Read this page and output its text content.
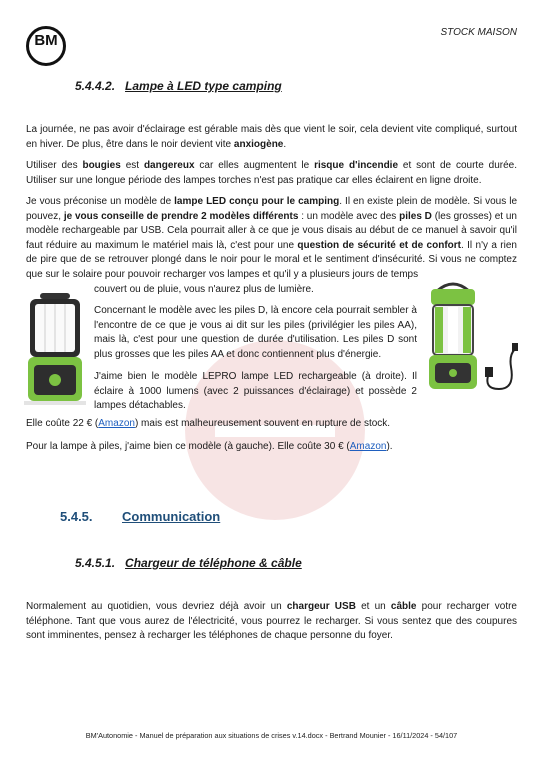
BM	STOCK MAISON
5.4.4.2. Lampe à LED type camping
La journée, ne pas avoir d'éclairage est gérable mais dès que vient le soir, cela devient vite compliqué, surtout en hiver. De plus, être dans le noir devient vite anxiogène.
Utiliser des bougies est dangereux car elles augmentent le risque d'incendie et sont de courte durée. Utiliser sur une longue période des lampes torches n'est pas pratique car elles éclairent en ligne droite.
Je vous préconise un modèle de lampe LED conçu pour le camping. Il en existe plein de modèle. Si vous le pouvez, je vous conseille de prendre 2 modèles différents : un modèle avec des piles D (les grosses) et un modèle rechargeable par USB. Cela pourrait aller à ce que je vous disais au début de ce manuel à savoir qu'il faut réduire au maximum le matériel mais là, c'est pour une question de sécurité et de confort. Il n'y a rien de pire que de se retrouver plongé dans le noir pour le moral et le sentiment d'insécurité. Si vous ne comptez que sur le solaire pour pouvoir recharger vos lampes et qu'il y a plusieurs jours de temps
couvert ou de pluie, vous n'aurez plus de lumière.
Concernant le modèle avec les piles D, là encore cela pourrait sembler à l'encontre de ce que je vous ai dit sur les piles (privilégier les piles AA), mais là, c'est pour une question de durée d'utilisation. Les piles D sont plus grosses que les piles AA et donc contiennent plus d'énergie.
J'aime bien le modèle LEPRO lampe LED rechargeable (à droite). Il éclaire à 1000 lumens (avec 2 puissances d'éclairage) et possède 2 lampes détachables.
Elle coûte 22 € (Amazon) mais est malheureusement souvent en rupture de stock.
Pour la lampe à piles, j'aime bien ce modèle (à gauche). Elle coûte 30 € (Amazon).
5.4.5. Communication
5.4.5.1. Chargeur de téléphone & câble
Normalement au quotidien, vous devriez déjà avoir un chargeur USB et un câble pour recharger votre téléphone. Tant que vous aurez de l'électricité, vous pourrez le recharger. Si vous sentez que des coupures sont imminentes, pensez à recharger les téléphones de chaque personne du foyer.
BM'Autonomie - Manuel de préparation aux situations de crises v.14.docx - Bertrand Mounier - 16/11/2024 - 54/107
